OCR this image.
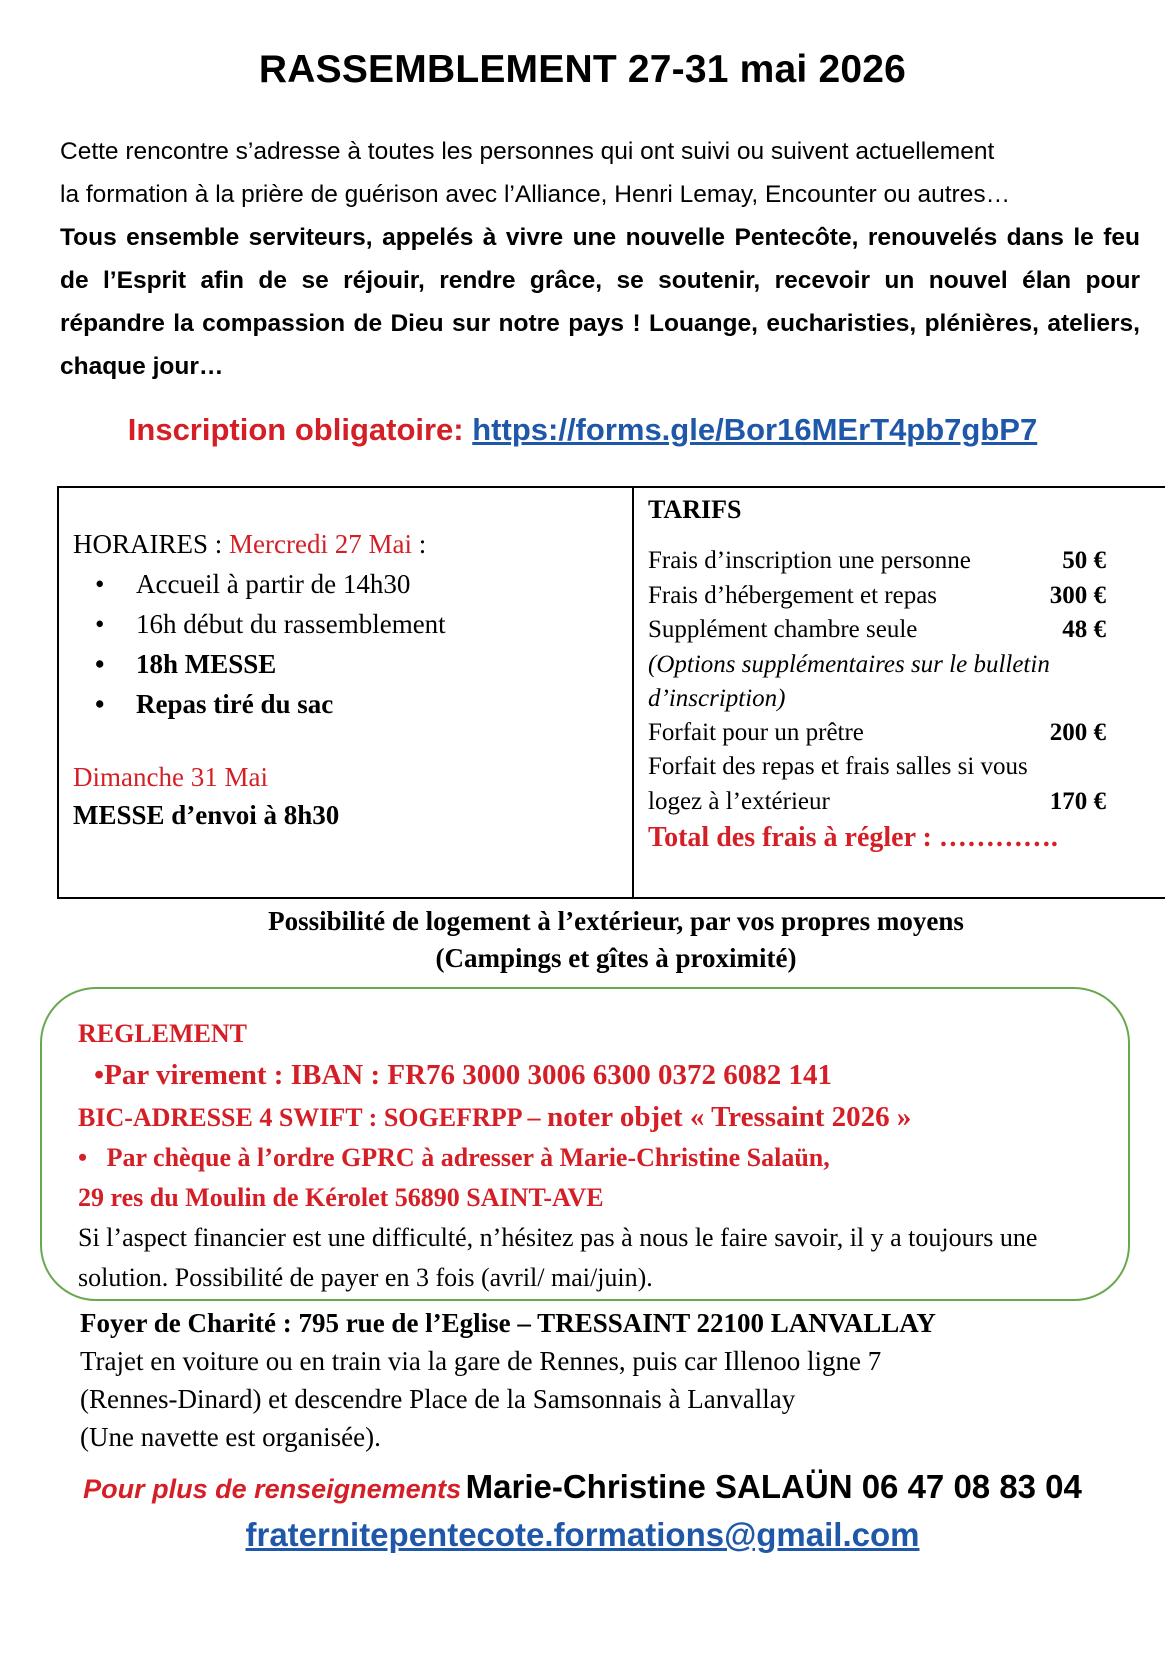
RASSEMBLEMENT 27-31 mai 2026

Cette rencontre s’adresse à toutes les personnes qui ont suivi ou suivent actuellement

la formation à la prière de guérison avec l’Alliance, Henri Lemay, Encounter ou autres…

Tous ensemble serviteurs, appelés à vivre une nouvelle Pentecôte, renouvelés dans le feu de l’Esprit afin de se réjouir, rendre grâce, se soutenir, recevoir un nouvel élan pour répandre la compassion de Dieu sur notre pays ! Louange, eucharisties, plénières, ateliers, chaque jour…

Inscription obligatoire: https://forms.gle/Bor16MErT4pb7gbP7
HORAIRES : Mercredi 27 Mai :
• Accueil à partir de 14h30
• 16h début du rassemblement
• 18h MESSE
• Repas tiré du sac
Dimanche 31 Mai
MESSE d’envoi à 8h30
TARIFS
Frais d’inscription une personne	50 €
Frais d’hébergement et repas	300 €
Supplément chambre seule	48 €
(Options supplémentaires sur le bulletin
d’inscription)
Forfait pour un prêtre	200 €
Forfait des repas et frais salles si vous
logez à l’extérieur	170 €
Total des frais à régler : ………….
Possibilité de logement à l’extérieur, par vos propres moyens
(Campings et gîtes à proximité)
REGLEMENT
•Par virement : IBAN : FR76 3000 3006 6300 0372 6082 141
BIC-ADRESSE 4 SWIFT : SOGEFRPP – noter objet « Tressaint 2026 »
• Par chèque à l’ordre GPRC à adresser à Marie-Christine Salaün,
29 res du Moulin de Kérolet 56890 SAINT-AVE
Si l’aspect financier est une difficulté, n’hésitez pas à nous le faire savoir, il y a toujours une solution. Possibilité de payer en 3 fois (avril/ mai/juin).
Foyer de Charité : 795 rue de l’Eglise – TRESSAINT 22100 LANVALLAY
Trajet en voiture ou en train via la gare de Rennes, puis car Illenoo ligne 7
(Rennes-Dinard) et descendre Place de la Samsonnais à Lanvallay
(Une navette est organisée).
Pour plus de renseignements Marie-Christine SALAÜN 06 47 08 83 04
fraternitepentecote.formations@gmail.com
